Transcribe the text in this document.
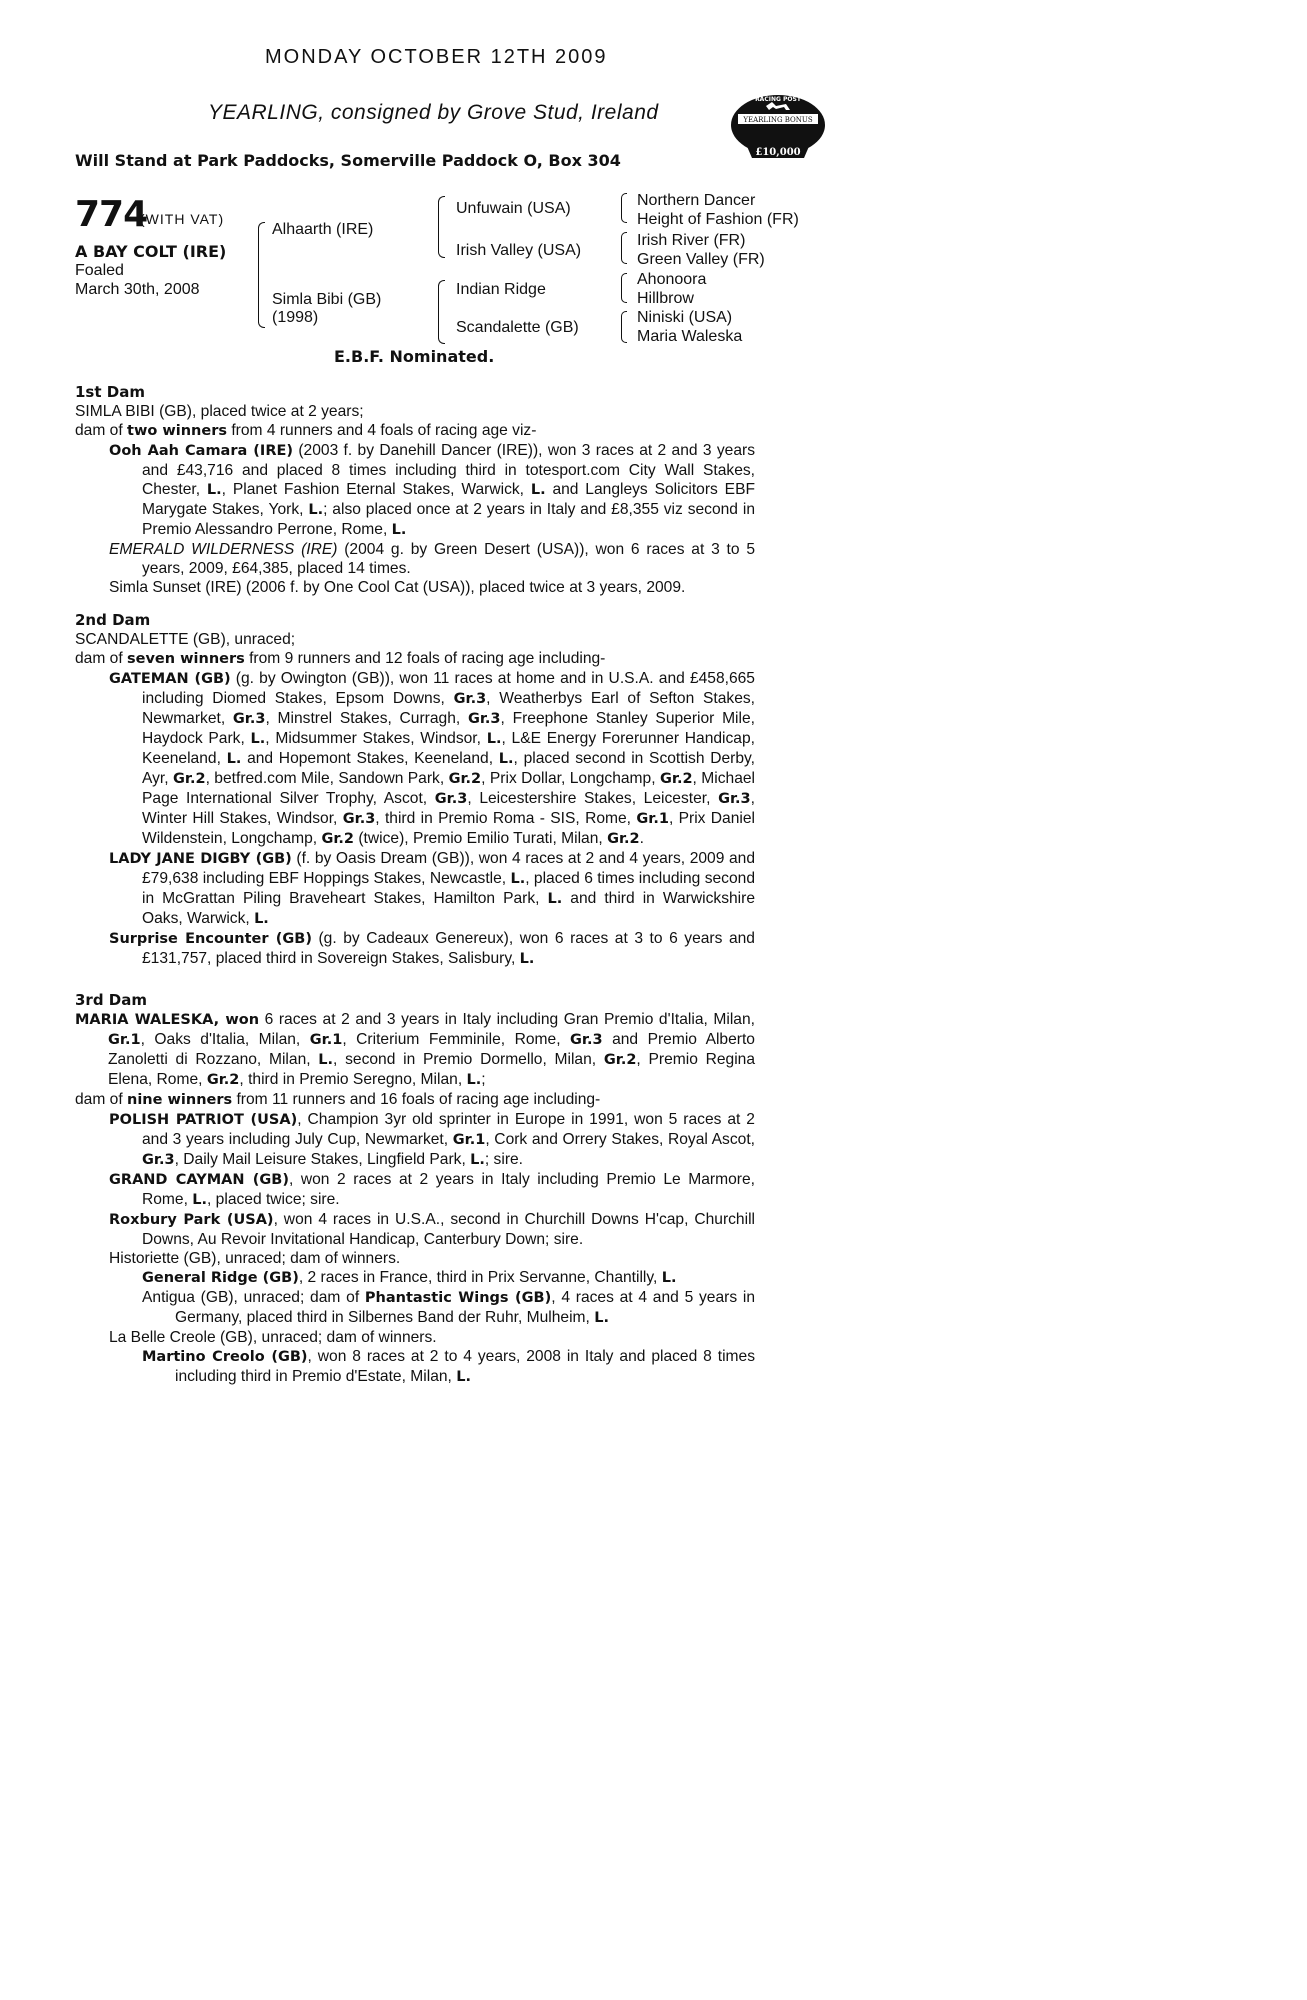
MONDAY OCTOBER 12TH 2009
YEARLING, consigned by Grove Stud, Ireland
Will Stand at Park Paddocks, Somerville Paddock O, Box 304
RACING POST
YEARLING BONUS
£10,000
774
(WITH VAT)
A BAY COLT (IRE)
Foaled
March 30th, 2008
Alhaarth (IRE)
Simla Bibi (GB)
(1998)
Unfuwain (USA)
Irish Valley (USA)
Indian Ridge
Scandalette (GB)
Northern Dancer
Height of Fashion (FR)
Irish River (FR)
Green Valley (FR)
Ahonoora
Hillbrow
Niniski (USA)
Maria Waleska
E.B.F. Nominated.

1st Dam

SIMLA BIBI (GB), placed twice at 2 years;

dam of two winners from 4 runners and 4 foals of racing age viz-

Ooh Aah Camara (IRE) (2003 f. by Danehill Dancer (IRE)), won 3 races at 2 and 3 years and £43,716 and placed 8 times including third in totesport.com City Wall Stakes, Chester, L., Planet Fashion Eternal Stakes, Warwick, L. and Langleys Solicitors EBF Marygate Stakes, York, L.; also placed once at 2 years in Italy and £8,355 viz second in Premio Alessandro Perrone, Rome, L.

EMERALD WILDERNESS (IRE) (2004 g. by Green Desert (USA)), won 6 races at 3 to 5 years, 2009, £64,385, placed 14 times.

Simla Sunset (IRE) (2006 f. by One Cool Cat (USA)), placed twice at 3 years, 2009.

2nd Dam

SCANDALETTE (GB), unraced;

dam of seven winners from 9 runners and 12 foals of racing age including-

GATEMAN (GB) (g. by Owington (GB)), won 11 races at home and in U.S.A. and £458,665 including Diomed Stakes, Epsom Downs, Gr.3, Weatherbys Earl of Sefton Stakes, Newmarket, Gr.3, Minstrel Stakes, Curragh, Gr.3, Freephone Stanley Superior Mile, Haydock Park, L., Midsummer Stakes, Windsor, L., L&E Energy Forerunner Handicap, Keeneland, L. and Hopemont Stakes, Keeneland, L., placed second in Scottish Derby, Ayr, Gr.2, betfred.com Mile, Sandown Park, Gr.2, Prix Dollar, Longchamp, Gr.2, Michael Page International Silver Trophy, Ascot, Gr.3, Leicestershire Stakes, Leicester, Gr.3, Winter Hill Stakes, Windsor, Gr.3, third in Premio Roma - SIS, Rome, Gr.1, Prix Daniel Wildenstein, Longchamp, Gr.2 (twice), Premio Emilio Turati, Milan, Gr.2.

LADY JANE DIGBY (GB) (f. by Oasis Dream (GB)), won 4 races at 2 and 4 years, 2009 and £79,638 including EBF Hoppings Stakes, Newcastle, L., placed 6 times including second in McGrattan Piling Braveheart Stakes, Hamilton Park, L. and third in Warwickshire Oaks, Warwick, L.

Surprise Encounter (GB) (g. by Cadeaux Genereux), won 6 races at 3 to 6 years and £131,757, placed third in Sovereign Stakes, Salisbury, L.

3rd Dam

MARIA WALESKA, won 6 races at 2 and 3 years in Italy including Gran Premio d'Italia, Milan, Gr.1, Oaks d'Italia, Milan, Gr.1, Criterium Femminile, Rome, Gr.3 and Premio Alberto Zanoletti di Rozzano, Milan, L., second in Premio Dormello, Milan, Gr.2, Premio Regina Elena, Rome, Gr.2, third in Premio Seregno, Milan, L.;

dam of nine winners from 11 runners and 16 foals of racing age including-

POLISH PATRIOT (USA), Champion 3yr old sprinter in Europe in 1991, won 5 races at 2 and 3 years including July Cup, Newmarket, Gr.1, Cork and Orrery Stakes, Royal Ascot, Gr.3, Daily Mail Leisure Stakes, Lingfield Park, L.; sire.

GRAND CAYMAN (GB), won 2 races at 2 years in Italy including Premio Le Marmore, Rome, L., placed twice; sire.

Roxbury Park (USA), won 4 races in U.S.A., second in Churchill Downs H'cap, Churchill Downs, Au Revoir Invitational Handicap, Canterbury Down; sire.

Historiette (GB), unraced; dam of winners.

General Ridge (GB), 2 races in France, third in Prix Servanne, Chantilly, L.

Antigua (GB), unraced; dam of Phantastic Wings (GB), 4 races at 4 and 5 years in Germany, placed third in Silbernes Band der Ruhr, Mulheim, L.

La Belle Creole (GB), unraced; dam of winners.

Martino Creolo (GB), won 8 races at 2 to 4 years, 2008 in Italy and placed 8 times including third in Premio d'Estate, Milan, L.
